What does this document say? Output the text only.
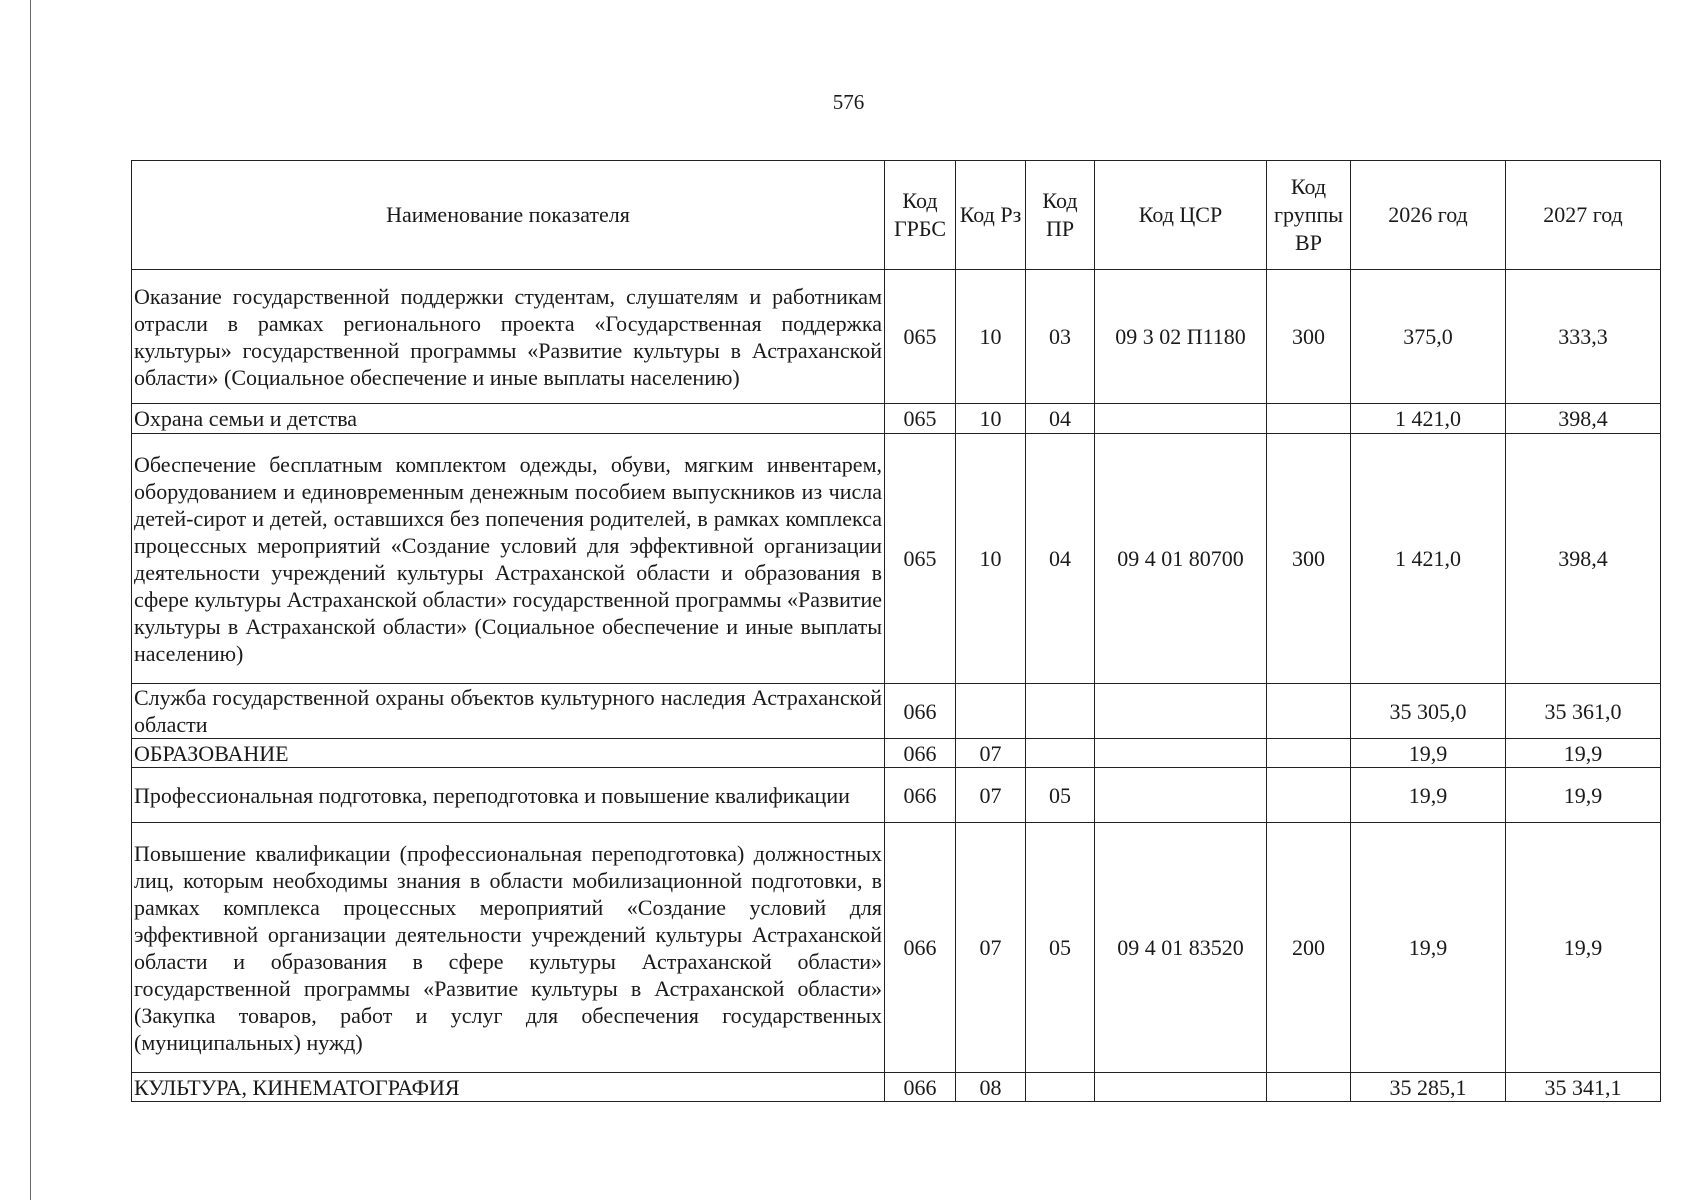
576
Наименование показателя	Код ГРБС	Код Рз	Код ПР	Код ЦСР	Код группы ВР	2026 год	2027 год
Оказание государственной поддержки студентам, слушателям и работникам отрасли в рамках регионального проекта «Государственная поддержка культуры» государственной программы «Развитие культуры в Астраханской области» (Социальное обеспечение и иные выплаты населению)	065	10	03	09 3 02 П1180	300	375,0	333,3
Охрана семьи и детства	065	10	04			1 421,0	398,4
Обеспечение бесплатным комплектом одежды, обуви, мягким инвентарем, оборудованием и единовременным денежным пособием выпускников из числа детей-сирот и детей, оставшихся без попечения родителей, в рамках комплекса процессных мероприятий «Создание условий для эффективной организации деятельности учреждений культуры Астраханской области и образования в сфере культуры Астраханской области» государственной программы «Развитие культуры в Астраханской области» (Социальное обеспечение и иные выплаты населению)	065	10	04	09 4 01 80700	300	1 421,0	398,4
Служба государственной охраны объектов культурного наследия Астраханской области	066					35 305,0	35 361,0
ОБРАЗОВАНИЕ	066	07				19,9	19,9
Профессиональная подготовка, переподготовка и повышение квалификации	066	07	05			19,9	19,9
Повышение квалификации (профессиональная переподготовка) должностных лиц, которым необходимы знания в области мобилизационной подготовки, в рамках комплекса процессных мероприятий «Создание условий для эффективной организации деятельности учреждений культуры Астраханской области и образования в сфере культуры Астраханской области» государственной программы «Развитие культуры в Астраханской области» (Закупка товаров, работ и услуг для обеспечения государственных (муниципальных) нужд)	066	07	05	09 4 01 83520	200	19,9	19,9
КУЛЬТУРА, КИНЕМАТОГРАФИЯ	066	08				35 285,1	35 341,1
